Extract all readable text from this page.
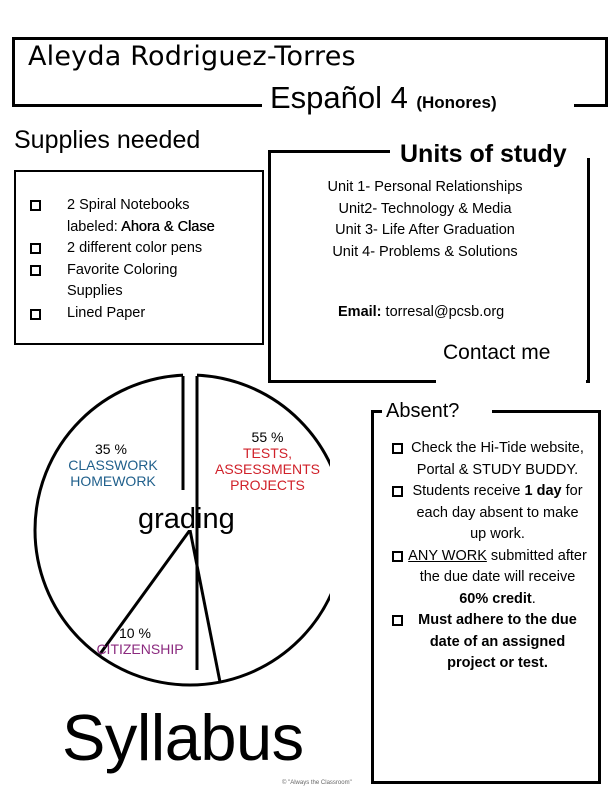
Aleyda Rodriguez-Torres
Español 4 (Honores)
Supplies needed
2 Spiral Notebooks
labeled: Ahora & Clase
2 different color pens
Favorite Coloring
Supplies
Lined Paper
Units of study
Unit 1- Personal Relationships
Unit2- Technology & Media
Unit 3- Life After Graduation
Unit 4- Problems & Solutions
Email: torresal@pcsb.org
Contact me
35 %
CLASSWORK
HOMEWORK
55 %
TESTS,
ASSESSMENTS
PROJECTS
10 %
CITIZENSHIP
grading
Syllabus
© "Always the Classroom"
Absent?
Check the Hi-Tide website, Portal & STUDY BUDDY.
Students receive 1 day for each day absent to make up work.
ANY WORK submitted after the due date will receive 60% credit.
Must adhere to the due date of an assigned project or test.
